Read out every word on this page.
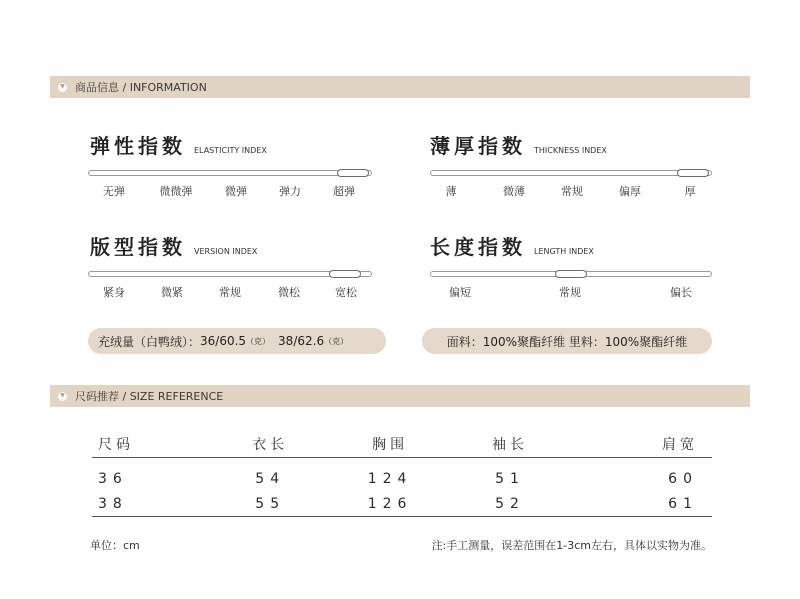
▼ 商品信息 / INFORMATION
弹性指数 ELASTICITY INDEX
无弹	微微弹	微弹	弹力	超弹
薄厚指数 THICKNESS INDEX
薄	微薄	常规	偏厚	厚
版型指数 VERSION INDEX
紧身	微紧	常规	微松	宽松
长度指数 LENGTH INDEX
偏短	常规	偏长
充绒量（白鸭绒）： 36/60.5 （克） 38/62.6 （克）	面料：100%聚酯纤维 里料：100%聚酯纤维
▼ 尺码推荐 / SIZE REFERENCE
尺码	衣长	胸围	袖长	肩宽
36	54	124	51	60
38	55	126	52	61
单位：cm	注:手工测量，误差范围在1-3cm左右，具体以实物为准。
